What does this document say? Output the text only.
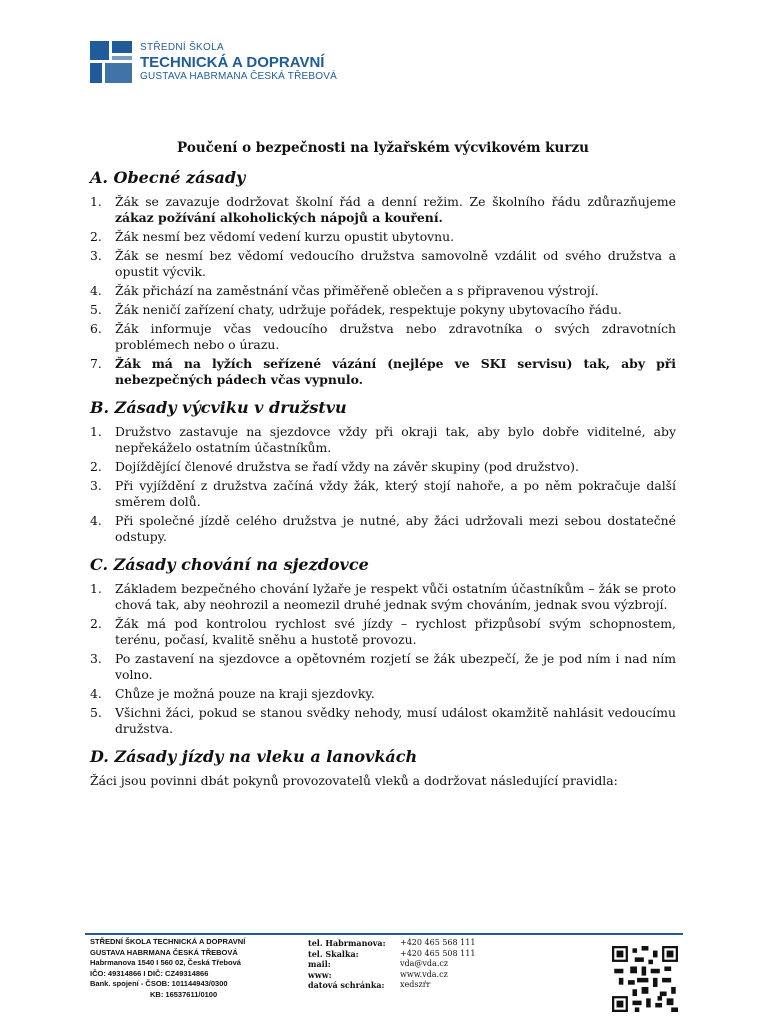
STŘEDNÍ ŠKOLA
TECHNICKÁ A DOPRAVNÍ
GUSTAVA HABRMANA ČESKÁ TŘEBOVÁ

Poučení o bezpečnosti na lyžařském výcvikovém kurzu

A. Obecné zásady
1. Žák se zavazuje dodržovat školní řád a denní režim. Ze školního řádu zdůrazňujeme zákaz požívání alkoholických nápojů a kouření.
2. Žák nesmí bez vědomí vedení kurzu opustit ubytovnu.
3. Žák se nesmí bez vědomí vedoucího družstva samovolně vzdálit od svého družstva a opustit výcvik.
4. Žák přichází na zaměstnání včas přiměřeně oblečen a s připravenou výstrojí.
5. Žák neničí zařízení chaty, udržuje pořádek, respektuje pokyny ubytovacího řádu.
6. Žák informuje včas vedoucího družstva nebo zdravotníka o svých zdravotních problémech nebo o úrazu.
7. Žák má na lyžích seřízené vázání (nejlépe ve SKI servisu) tak, aby při nebezpečných pádech včas vypnulo.
B. Zásady výcviku v družstvu
1. Družstvo zastavuje na sjezdovce vždy při okraji tak, aby bylo dobře viditelné, aby nepřekáželo ostatním účastníkům.
2. Dojíždějící členové družstva se řadí vždy na závěr skupiny (pod družstvo).
3. Při vyjíždění z družstva začíná vždy žák, který stojí nahoře, a po něm pokračuje další směrem dolů.
4. Při společné jízdě celého družstva je nutné, aby žáci udržovali mezi sebou dostatečné odstupy.
C. Zásady chování na sjezdovce
1. Základem bezpečného chování lyžaře je respekt vůči ostatním účastníkům – žák se proto chová tak, aby neohrozil a neomezil druhé jednak svým chováním, jednak svou výzbrojí.
2. Žák má pod kontrolou rychlost své jízdy – rychlost přizpůsobí svým schopnostem, terénu, počasí, kvalitě sněhu a hustotě provozu.
3. Po zastavení na sjezdovce a opětovném rozjetí se žák ubezpečí, že je pod ním i nad ním volno.
4. Chůze je možná pouze na kraji sjezdovky.
5. Všichni žáci, pokud se stanou svědky nehody, musí událost okamžitě nahlásit vedoucímu družstva.
D. Zásady jízdy na vleku a lanovkách

Žáci jsou povinni dbát pokynů provozovatelů vleků a dodržovat následující pravidla:

STŘEDNÍ ŠKOLA TECHNICKÁ A DOPRAVNÍ
GUSTAVA HABRMANA ČESKÁ TŘEBOVÁ
Habrmanova 1540 I 560 02, Česká Třebová
IČO: 49314866 I DIČ: CZ49314866
Bank. spojení - ČSOB: 101144943/0300
KB: 16537611/0100
tel. Habrmanova:	+420 465 568 111
tel. Skalka:	+420 465 508 111
mail:	vda@vda.cz
www:	www.vda.cz
datová schránka:	xedszŕr
